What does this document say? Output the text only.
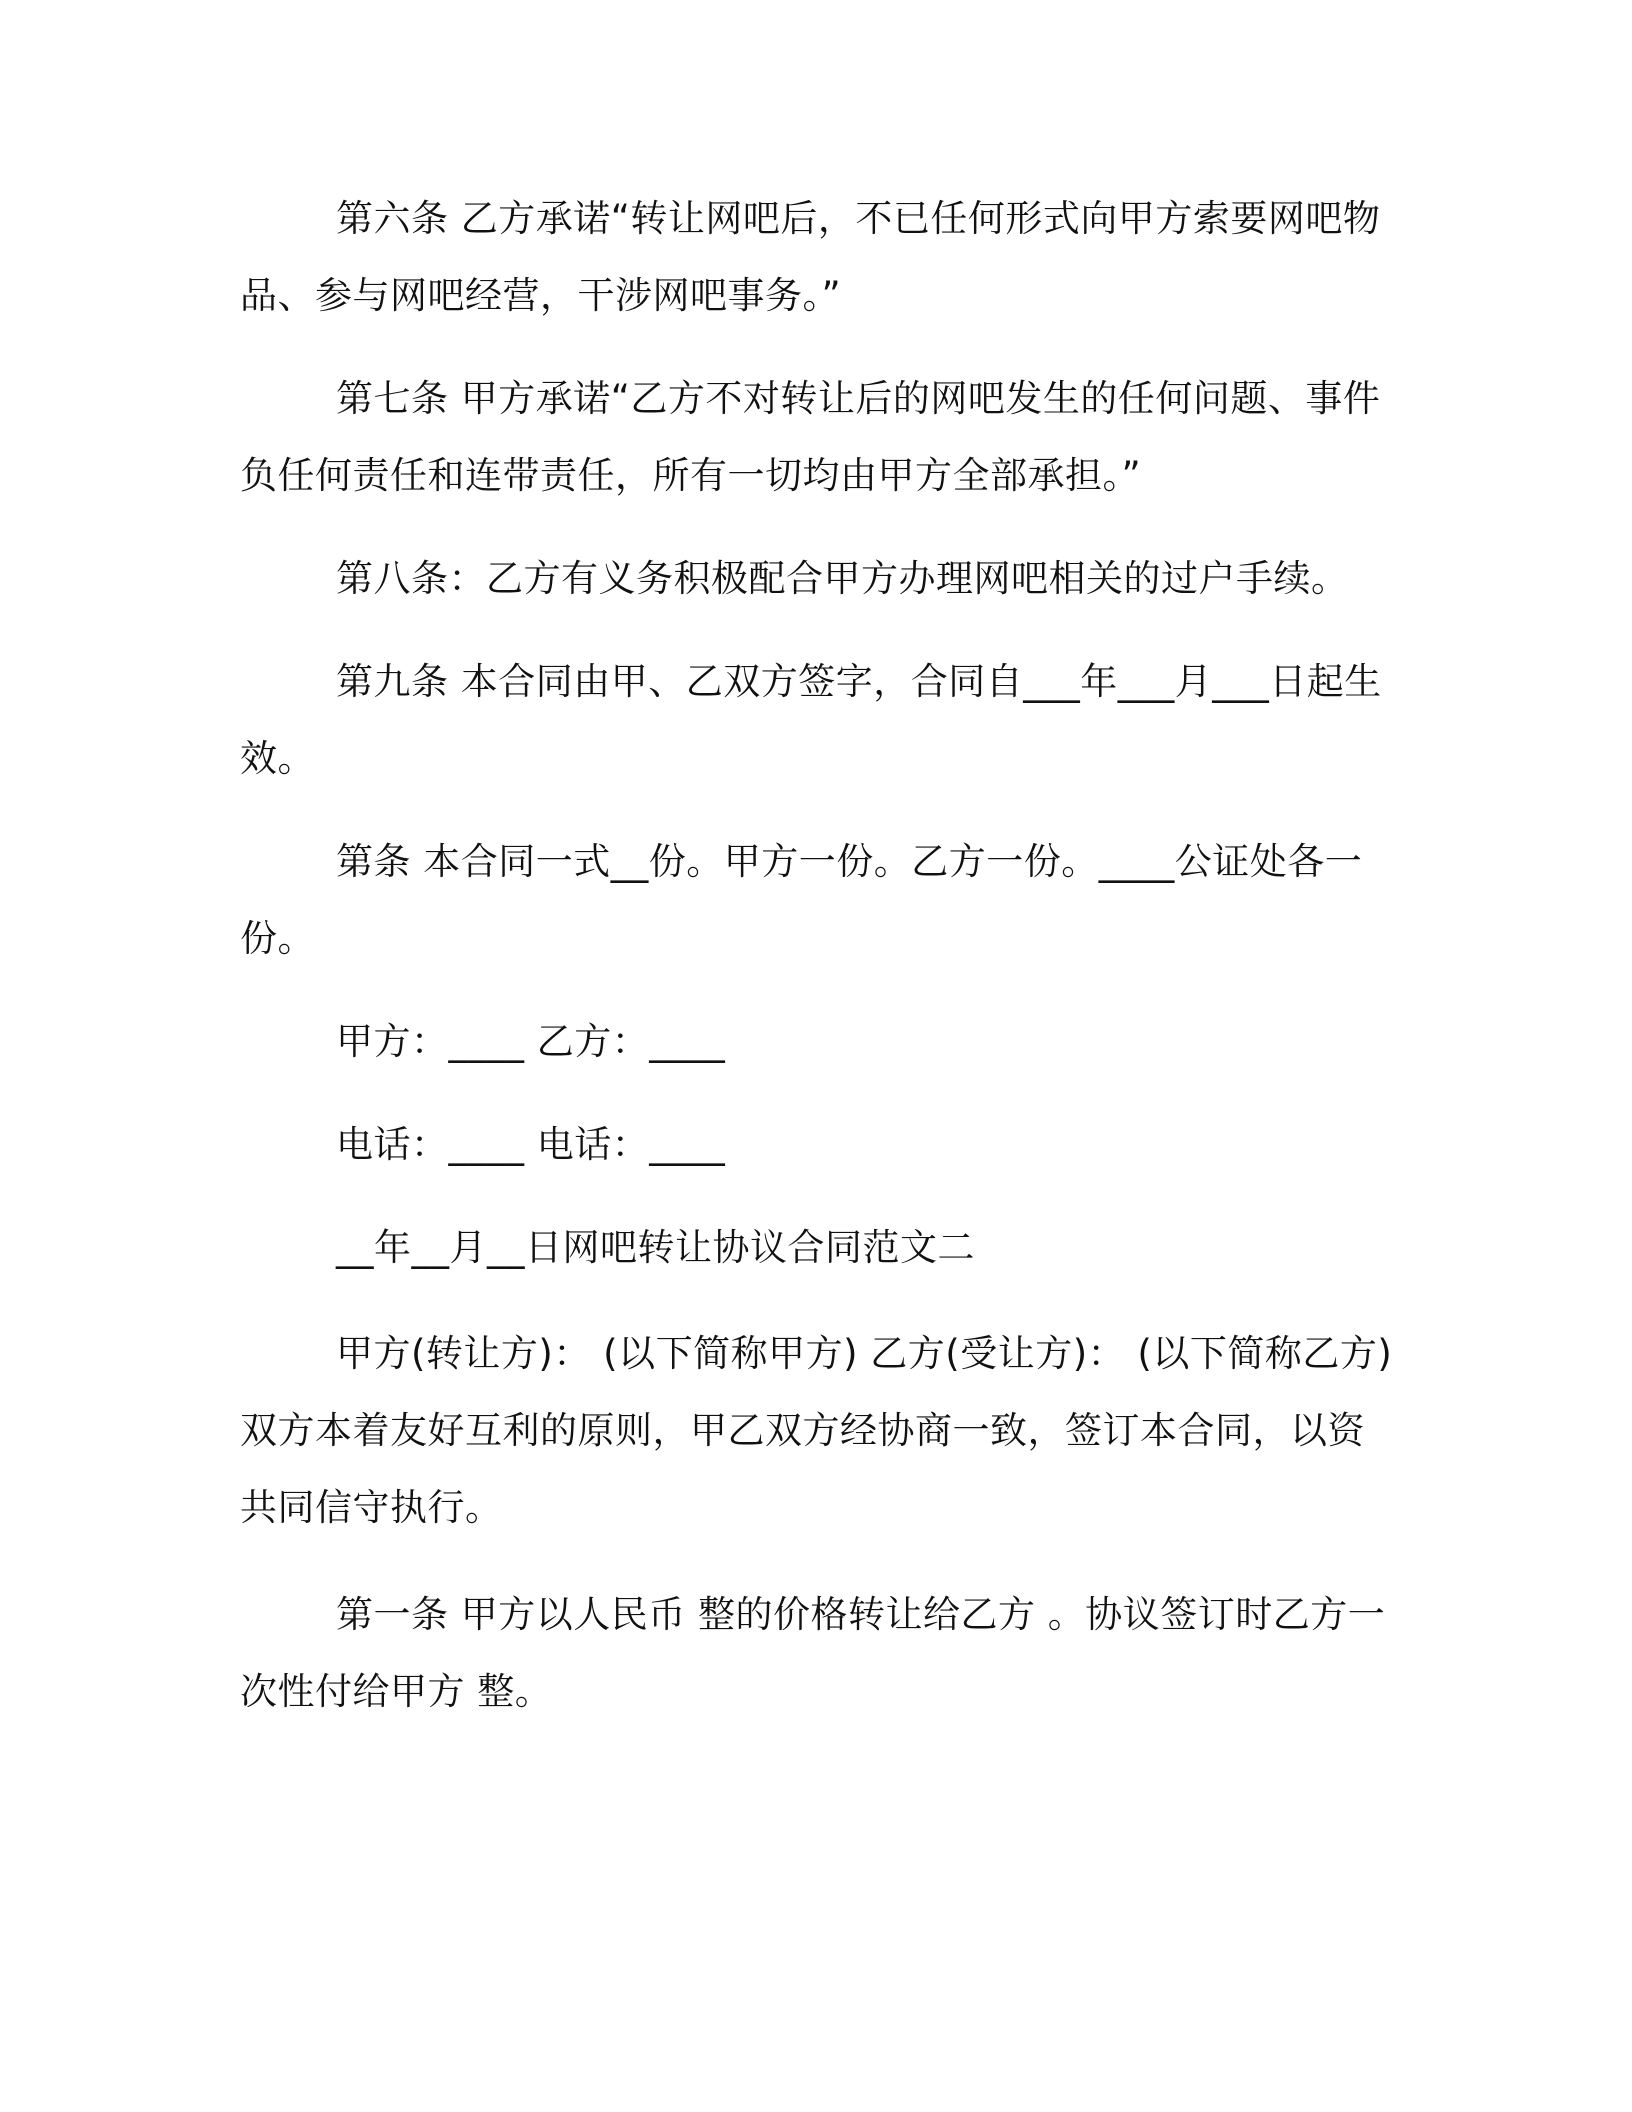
第六条 乙方承诺“转让网吧后，不已任何形式向甲方索要网吧物
品、参与网吧经营，干涉网吧事务。”
第七条 甲方承诺“乙方不对转让后的网吧发生的任何问题、事件
负任何责任和连带责任，所有一切均由甲方全部承担。”
第八条：乙方有义务积极配合甲方办理网吧相关的过户手续。
第九条 本合同由甲、乙双方签字，合同自___年___月___日起生
效。
第条 本合同一式__份。甲方一份。乙方一份。____公证处各一
份。
甲方：____ 乙方：____
电话：____ 电话：____
__年__月__日网吧转让协议合同范文二
甲方(转让方)： (以下简称甲方) 乙方(受让方)： (以下简称乙方)
双方本着友好互利的原则，甲乙双方经协商一致，签订本合同，以资
共同信守执行。
第一条 甲方以人民币 整的价格转让给乙方 。协议签订时乙方一
次性付给甲方 整。
